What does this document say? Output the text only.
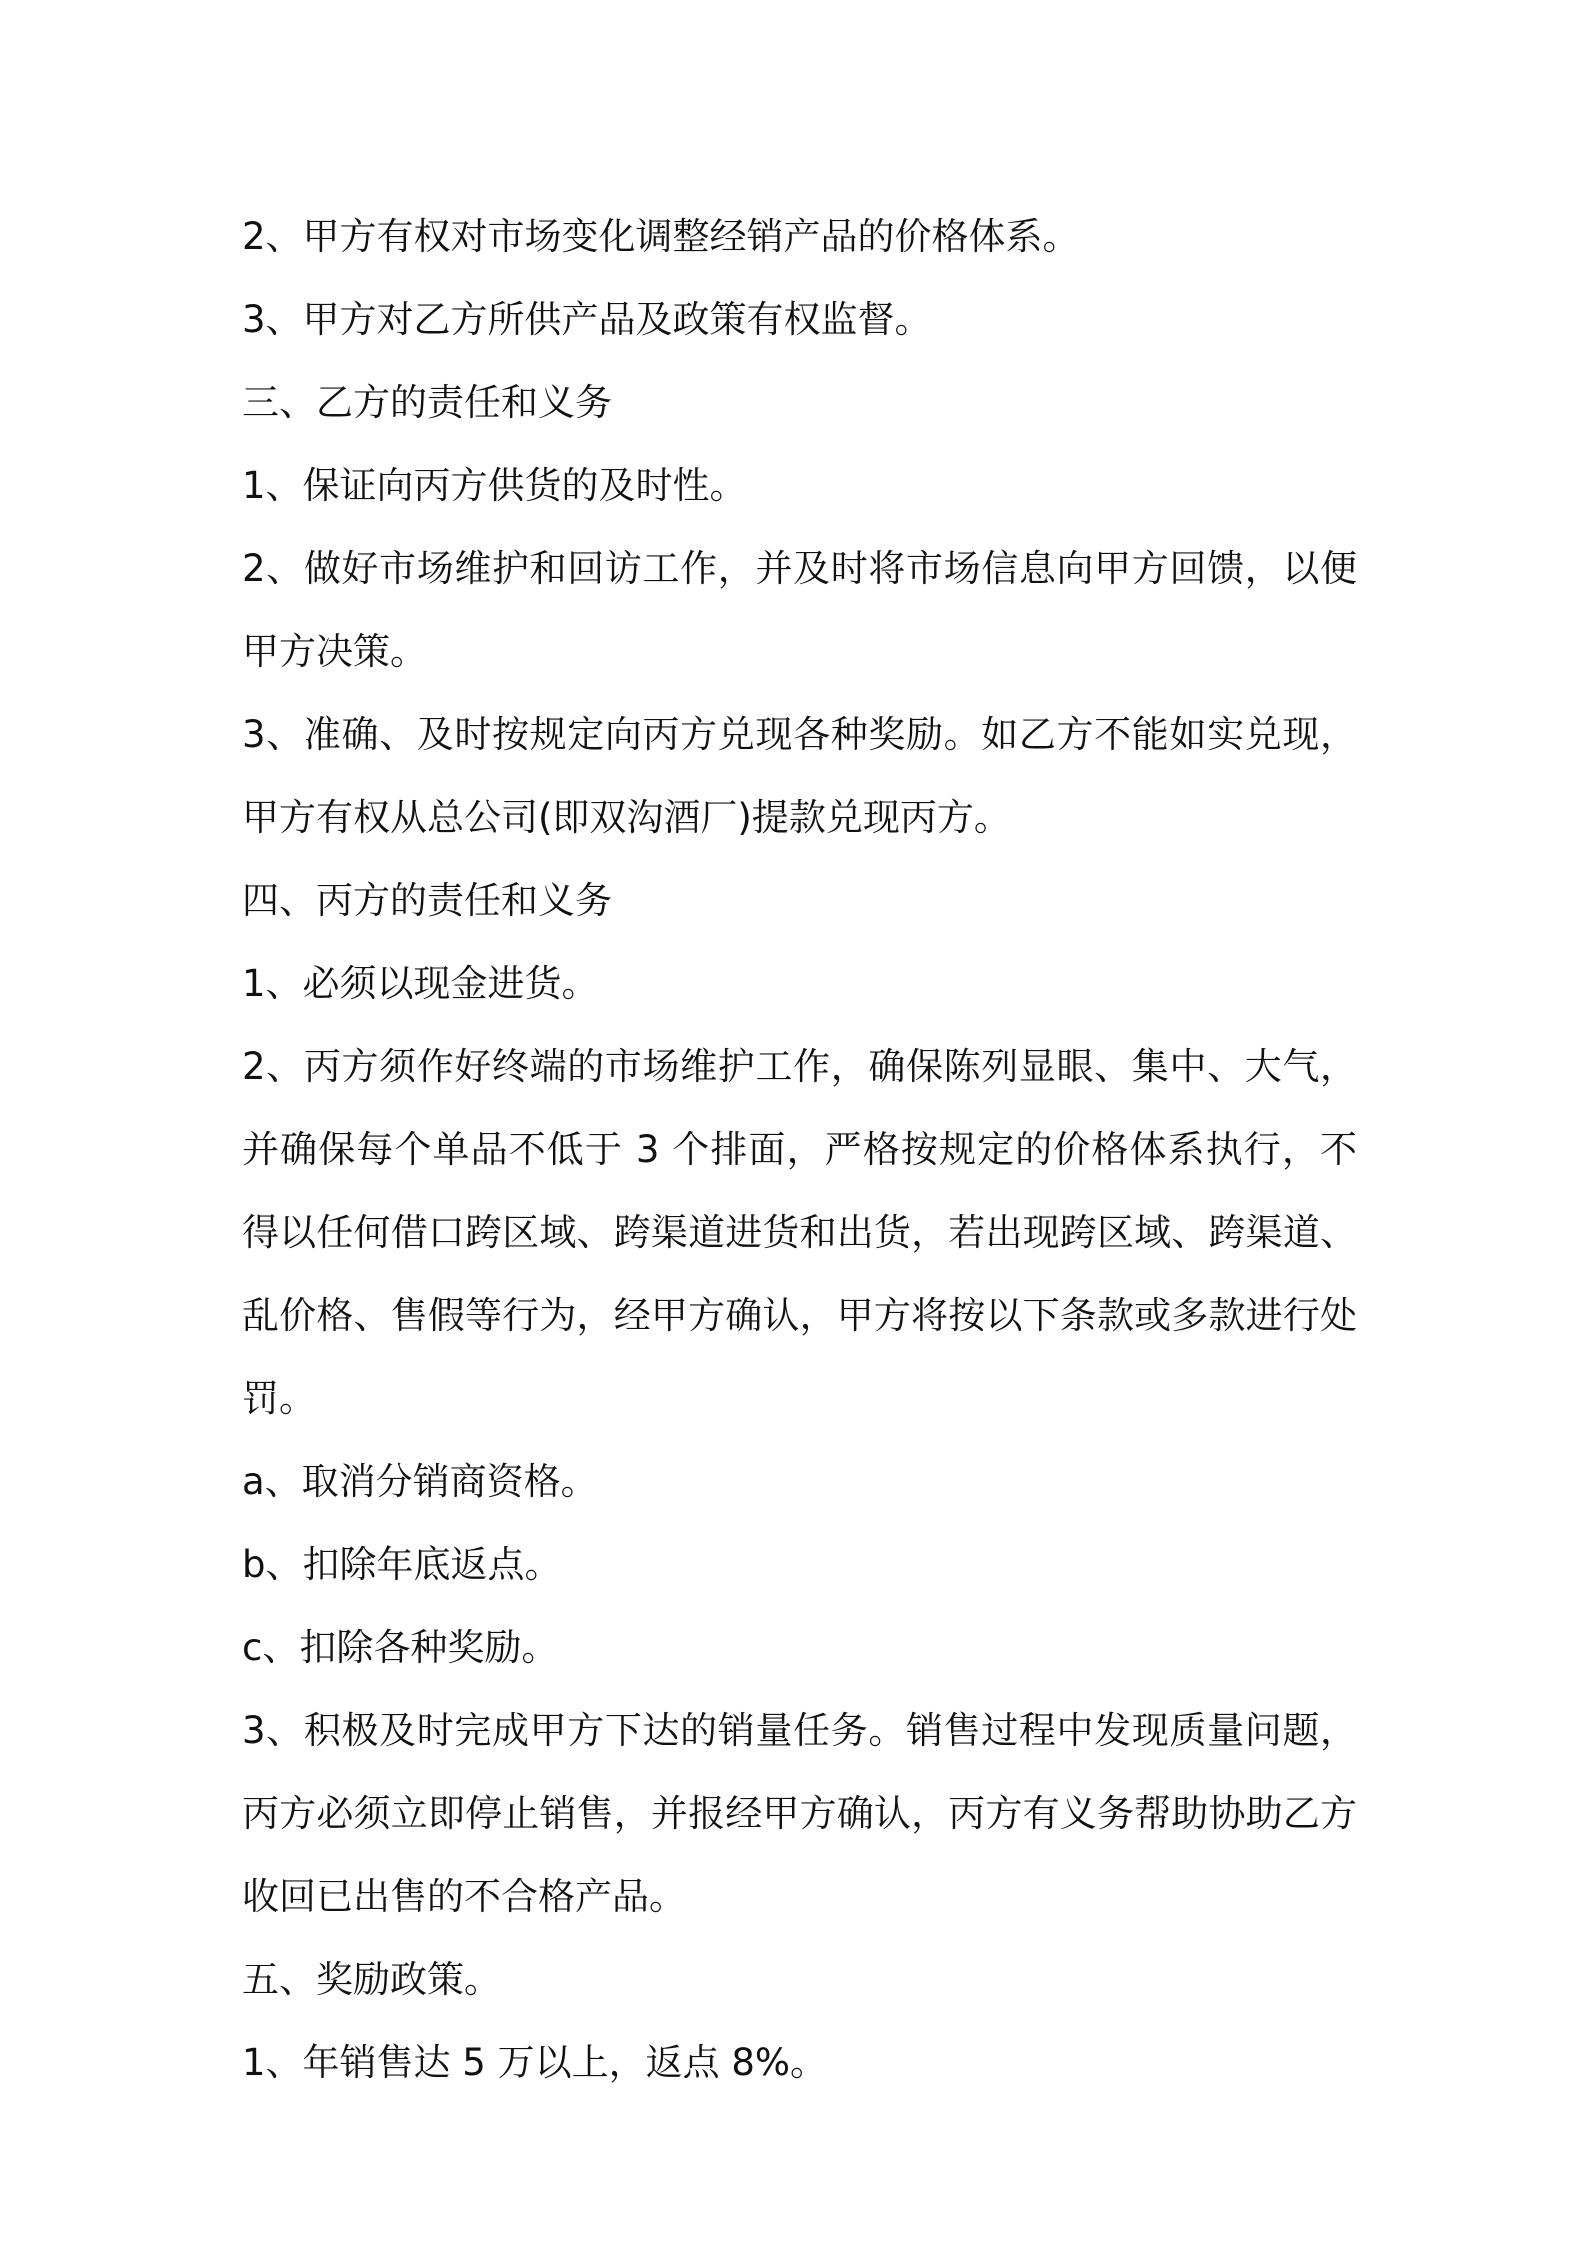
2、甲方有权对市场变化调整经销产品的价格体系。

3、甲方对乙方所供产品及政策有权监督。

三、乙方的责任和义务

1、保证向丙方供货的及时性。

2、做好市场维护和回访工作，并及时将市场信息向甲方回馈，以便甲方决策。

3、准确、及时按规定向丙方兑现各种奖励。如乙方不能如实兑现，甲方有权从总公司(即双沟酒厂)提款兑现丙方。

四、丙方的责任和义务

1、必须以现金进货。

2、丙方须作好终端的市场维护工作，确保陈列显眼、集中、大气，并确保每个单品不低于 3 个排面，严格按规定的价格体系执行，不得以任何借口跨区域、跨渠道进货和出货，若出现跨区域、跨渠道、乱价格、售假等行为，经甲方确认，甲方将按以下条款或多款进行处罚。

a、取消分销商资格。

b、扣除年底返点。

c、扣除各种奖励。

3、积极及时完成甲方下达的销量任务。销售过程中发现质量问题，丙方必须立即停止销售，并报经甲方确认，丙方有义务帮助协助乙方收回已出售的不合格产品。

五、奖励政策。

1、年销售达 5 万以上，返点 8%。
